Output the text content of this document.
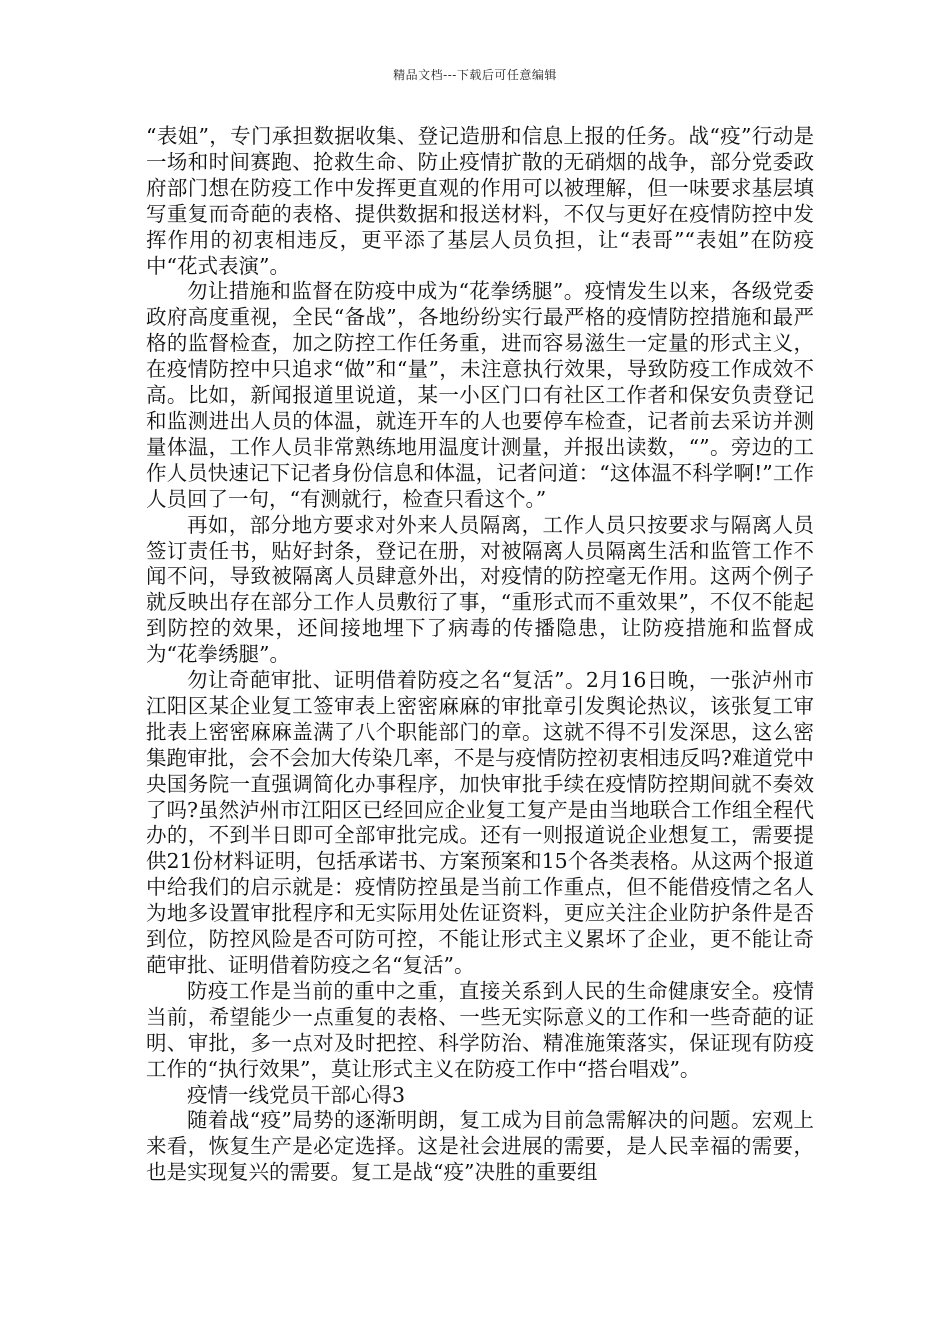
精品文档---下载后可任意编辑

“表姐”，专门承担数据收集、登记造册和信息上报的任务。战“疫”行动是一场和时间赛跑、抢救生命、防止疫情扩散的无硝烟的战争，部分党委政府部门想在防疫工作中发挥更直观的作用可以被理解，但一味要求基层填写重复而奇葩的表格、提供数据和报送材料，不仅与更好在疫情防控中发挥作用的初衷相违反，更平添了基层人员负担，让“表哥”“表姐”在防疫中“花式表演”。

勿让措施和监督在防疫中成为“花拳绣腿”。疫情发生以来，各级党委政府高度重视，全民“备战”，各地纷纷实行最严格的疫情防控措施和最严格的监督检查，加之防控工作任务重，进而容易滋生一定量的形式主义，在疫情防控中只追求“做”和“量”，未注意执行效果，导致防疫工作成效不高。比如，新闻报道里说道，某一小区门口有社区工作者和保安负责登记和监测进出人员的体温，就连开车的人也要停车检查，记者前去采访并测量体温，工作人员非常熟练地用温度计测量，并报出读数，“”。旁边的工作人员快速记下记者身份信息和体温，记者问道：“这体温不科学啊!”工作人员回了一句，“有测就行，检查只看这个。”

再如，部分地方要求对外来人员隔离，工作人员只按要求与隔离人员签订责任书，贴好封条，登记在册，对被隔离人员隔离生活和监管工作不闻不问，导致被隔离人员肆意外出，对疫情的防控毫无作用。这两个例子就反映出存在部分工作人员敷衍了事，“重形式而不重效果”，不仅不能起到防控的效果，还间接地埋下了病毒的传播隐患，让防疫措施和监督成为“花拳绣腿”。

勿让奇葩审批、证明借着防疫之名“复活”。2月16日晚，一张泸州市江阳区某企业复工签审表上密密麻麻的审批章引发舆论热议，该张复工审批表上密密麻麻盖满了八个职能部门的章。这就不得不引发深思，这么密集跑审批，会不会加大传染几率，不是与疫情防控初衷相违反吗?难道党中央国务院一直强调简化办事程序，加快审批手续在疫情防控期间就不奏效了吗?虽然泸州市江阳区已经回应企业复工复产是由当地联合工作组全程代办的，不到半日即可全部审批完成。还有一则报道说企业想复工，需要提供21份材料证明，包括承诺书、方案预案和15个各类表格。从这两个报道中给我们的启示就是：疫情防控虽是当前工作重点，但不能借疫情之名人为地多设置审批程序和无实际用处佐证资料，更应关注企业防护条件是否到位，防控风险是否可防可控，不能让形式主义累坏了企业，更不能让奇葩审批、证明借着防疫之名“复活”。

防疫工作是当前的重中之重，直接关系到人民的生命健康安全。疫情当前，希望能少一点重复的表格、一些无实际意义的工作和一些奇葩的证明、审批，多一点对及时把控、科学防治、精准施策落实，保证现有防疫工作的“执行效果”，莫让形式主义在防疫工作中“搭台唱戏”。

疫情一线党员干部心得3

随着战“疫”局势的逐渐明朗，复工成为目前急需解决的问题。宏观上来看，恢复生产是必定选择。这是社会进展的需要，是人民幸福的需要，也是实现复兴的需要。复工是战“疫”决胜的重要组
